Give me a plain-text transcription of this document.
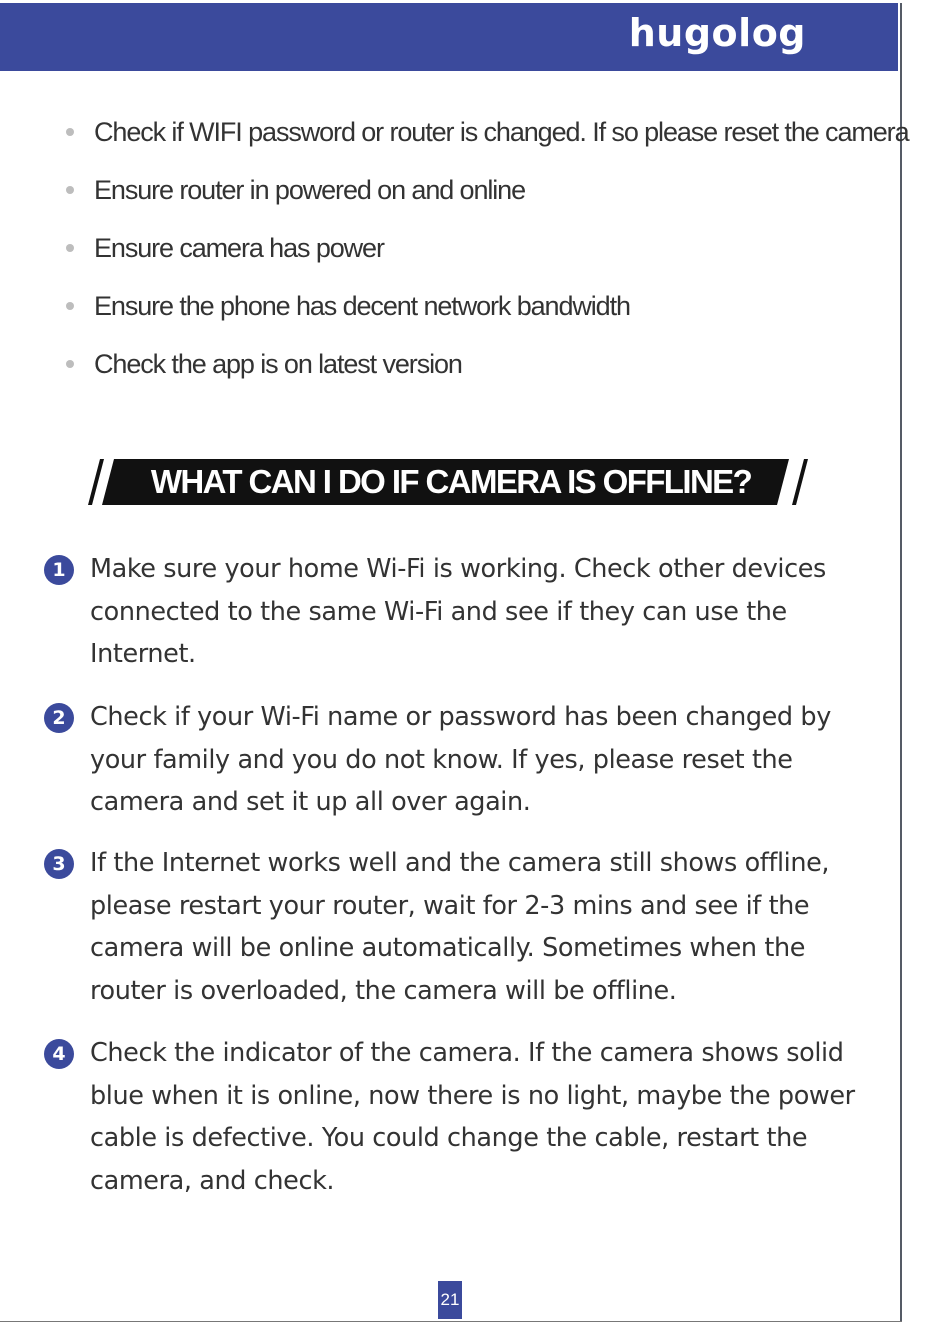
hugolog
Check if WIFI password or router is changed. If so please reset the camera
Ensure router in powered on and online
Ensure camera has power
Ensure the phone has decent network bandwidth
Check the app is on latest version
WHAT CAN I DO IF CAMERA IS OFFLINE?
1 Make sure your home Wi-Fi is working. Check other devices connected to the same Wi-Fi and see if they can use the Internet.
2 Check if your Wi-Fi name or password has been changed by your family and you do not know. If yes, please reset the camera and set it up all over again.
3 If the Internet works well and the camera still shows offline, please restart your router, wait for 2-3 mins and see if the camera will be online automatically. Sometimes when the router is overloaded, the camera will be offline.
4 Check the indicator of the camera. If the camera shows solid blue when it is online, now there is no light, maybe the power cable is defective. You could change the cable, restart the camera, and check.
21
